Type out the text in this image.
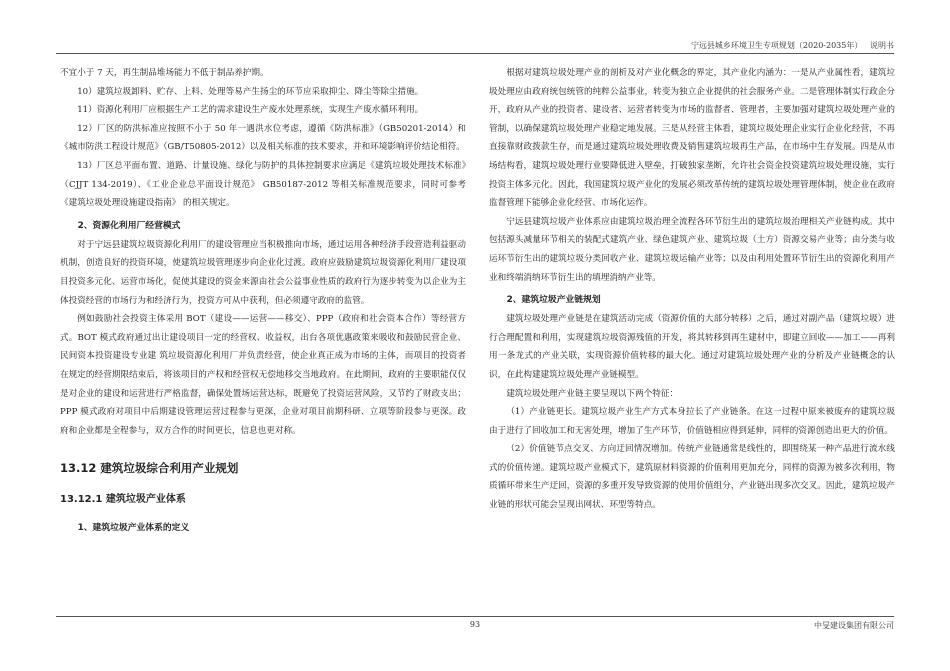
宁远县城乡环境卫生专项规划（2020-2035年） 说明书

不宜小于 7 天，再生制品堆场能力不低于制品养护期。

10）建筑垃圾卸料、贮存、上料、处理等易产生扬尘的环节应采取抑尘、降尘等除尘措施。

11）资源化利用厂应根据生产工艺的需求建设生产废水处理系统，实现生产废水循环利用。

12）厂区的防洪标准应按照不小于 50 年一遇洪水位考虑，遵循《防洪标准》（GB50201-2014）和《城市防洪工程设计规范》（GB/T50805-2012）以及相关标准的技术要求，并和环境影响评价结论相符。

13）厂区总平面布置、道路、计量设施、绿化与防护的具体控制要求应满足《建筑垃圾处理技术标准》（CJJT 134-2019）、《工业企业总平面设计规范》 GB50187-2012 等相关标准规范要求，同时可参考《建筑垃圾处理设施建设指南》 的相关规定。

2、资源化利用厂经营模式

对于宁远县建筑垃圾资源化利用厂的建设管理应当积极推向市场，通过运用各种经济手段营造利益驱动机制，创造良好的投资环境，使建筑垃圾管理逐步向企业化过渡。政府应鼓励建筑垃圾资源化利用厂建设项目投资多元化、运营市场化，促使其建设的资金来源由社会公益事业性质的政府行为逐步转变为以企业为主体投资经营的市场行为和经济行为，投资方可从中获利，但必须遵守政府的监管。

例如鼓励社会投资主体采用 BOT（建设——运营——移交）、PPP（政府和社会资本合作）等经营方式。BOT 模式政府通过出让建设项目一定的经营权、收益权，出台各项优惠政策来吸收和鼓励民营企业、民间资本投资建设专业建 筑垃圾资源化利用厂并负责经营，使企业真正成为市场的主体，而项目的投资者在规定的经营期限结束后，将该项目的产权和经营权无偿地移交当地政府。在此期间，政府的主要职能仅仅是对企业的建设和运营进行严格监督，确保处置场运营达标，既避免了投资运营风险，又节约了财政支出；PPP 模式政府对项目中后期建设管理运营过程参与更深，企业对项目前期科研、立项等阶段参与更深。政府和企业都是全程参与，双方合作的时间更长，信息也更对称。

13.12 建筑垃圾综合利用产业规划
13.12.1 建筑垃圾产业体系

1、建筑垃圾产业体系的定义

根据对建筑垃圾处理产业的剖析及对产业化概念的界定，其产业化内涵为：一是从产业属性看，建筑垃圾处理应由政府统包统管的纯粹公益事业，转变为独立企业提供的社会服务产业。二是管理体制实行政企分开，政府从产业的投资者、建设者、运营者转变为市场的监督者、管理者，主要加强对建筑垃圾处理产业的管制，以确保建筑垃圾处理产业稳定地发展。三是从经营主体看，建筑垃圾处理企业实行企业化经营，不再直接靠财政拨款生存，而是通过建筑垃圾处理收费及销售建筑垃圾再生产品，在市场中生存发展。四是从市场结构看，建筑垃圾处理行业要降低进入壁垒，打破独家垄断，允许社会资金投资建筑垃圾处理设施，实行投资主体多元化。因此，我国建筑垃圾产业化的发展必须改革传统的建筑垃圾处理管理体制，使企业在政府监督管理下能够企业化经营、市场化运作。

宁远县建筑垃圾产业体系应由建筑垃圾治理全流程各环节衍生出的建筑垃圾治理相关产业链构成。其中包括源头减量环节相关的装配式建筑产业、绿色建筑产业、建筑垃圾（土方）资源交易产业等；由分类与收运环节衍生出的建筑垃圾分类回收产业、建筑垃圾运输产业等；以及由利用处置环节衍生出的资源化利用产业和终端消纳环节衍生出的填埋消纳产业等。

2、建筑垃圾产业链规划

建筑垃圾处理产业链是在建筑活动完成（资源价值的大部分转移）之后，通过对副产品（建筑垃圾）进行合理配置和利用，实现建筑垃圾资源残值的开发，将其转移到再生建材中，即建立回收——加工——再利用一条龙式的产业关联，实现资源价值转移的最大化。通过对建筑垃圾处理产业的分析及产业链概念的认识，在此构建建筑垃圾处理产业链模型。

建筑垃圾处理产业链主要呈现以下两个特征：

（1）产业链更长。建筑垃圾产业生产方式本身拉长了产业链条。在这一过程中原来被废弃的建筑垃圾由于进行了回收加工和无害处理，增加了生产环节，价值链相应得到延伸，同样的资源创造出更大的价值。

（2）价值链节点交叉、方向迂回情况增加。传统产业链通常是线性的，即围绕某一种产品进行流水线式的价值传递。建筑垃圾产业模式下，建筑原材料资源的价值利用更加充分，同样的资源为被多次利用，物质循环带来生产迂回，资源的多重开发导致资源的使用价值组分，产业链出现多次交叉。因此，建筑垃圾产业链的形状可能会呈现出网状、环型等特点。

93	中旻建设集团有限公司
